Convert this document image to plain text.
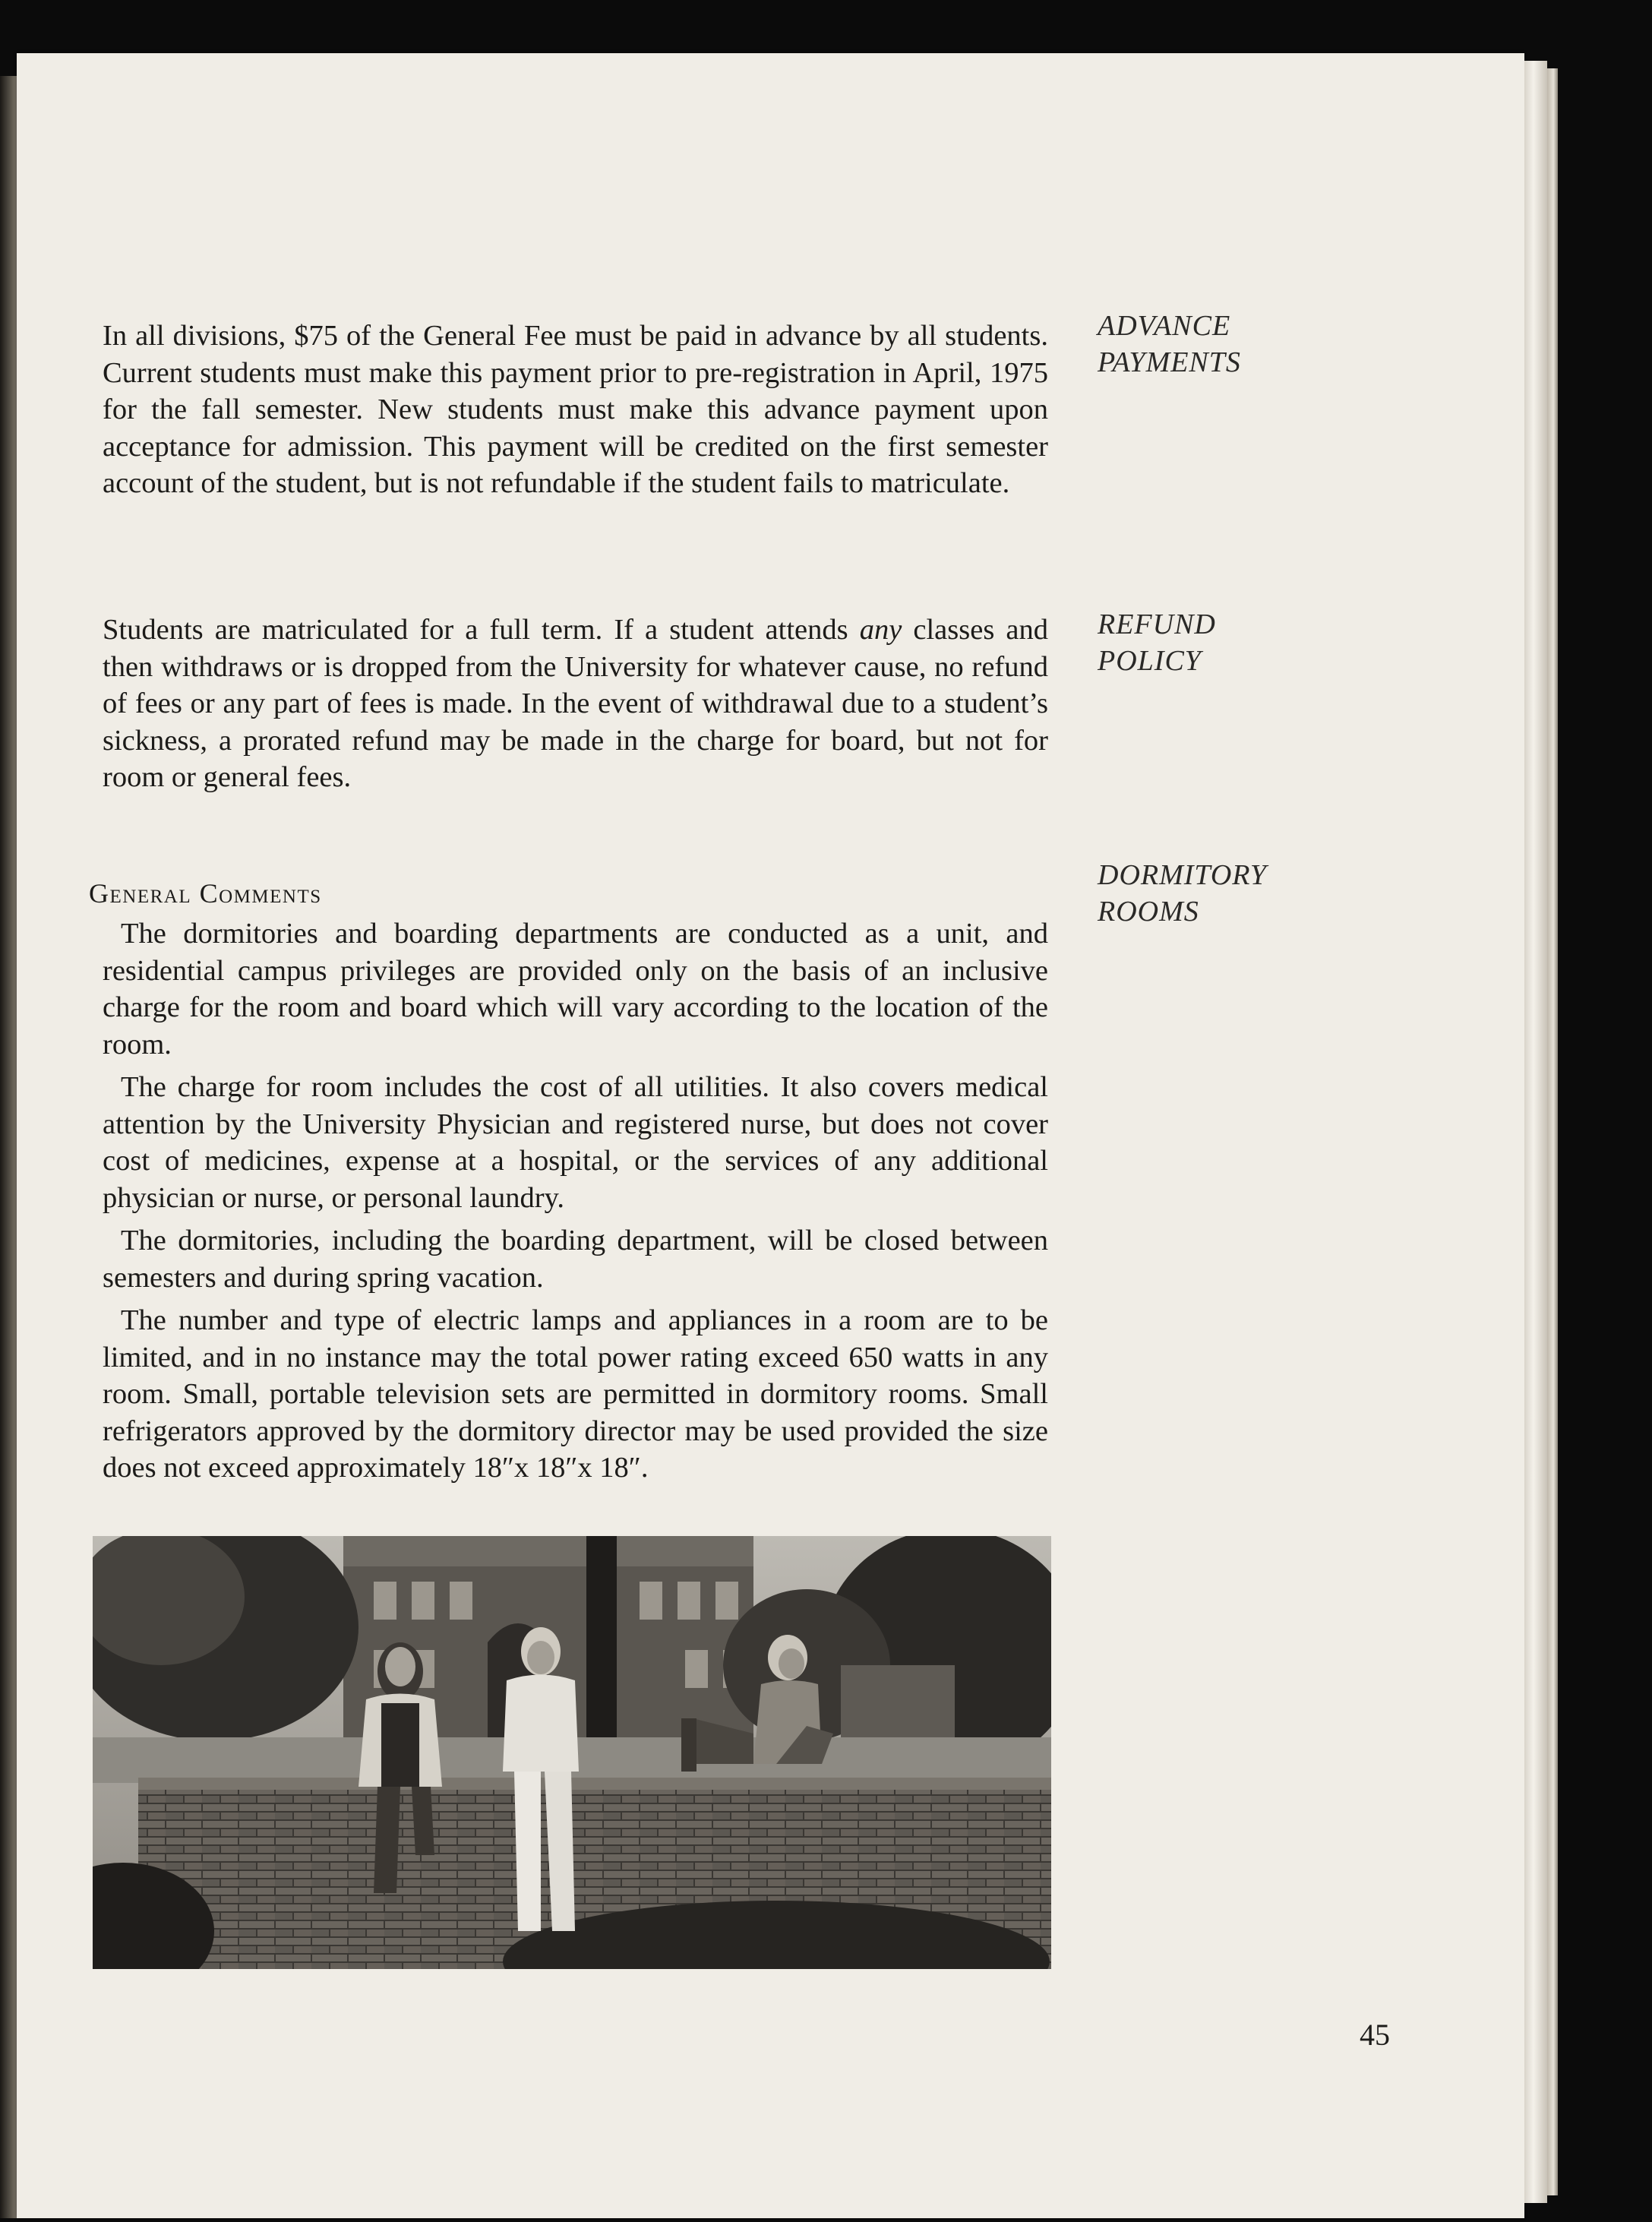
In all divisions, $75 of the General Fee must be paid in advance by all students. Current students must make this payment prior to pre-registration in April, 1975 for the fall semester. New students must make this advance payment upon acceptance for admission. This payment will be credited on the first semester account of the student, but is not refundable if the student fails to matriculate.

ADVANCE
PAYMENTS

Students are matriculated for a full term. If a student attends any classes and then withdraws or is dropped from the University for whatever cause, no refund of fees or any part of fees is made. In the event of withdrawal due to a student’s sickness, a prorated refund may be made in the charge for board, but not for room or general fees.

REFUND
POLICY
General Comments
DORMITORY
ROOMS

The dormitories and boarding departments are conducted as a unit, and residential campus privileges are provided only on the basis of an inclusive charge for the room and board which will vary according to the location of the room.

The charge for room includes the cost of all utilities. It also covers medical attention by the University Physician and registered nurse, but does not cover cost of medicines, expense at a hospital, or the services of any additional physician or nurse, or personal laundry.

The dormitories, including the boarding department, will be closed between semesters and during spring vacation.

The number and type of electric lamps and appliances in a room are to be limited, and in no instance may the total power rating exceed 650 watts in any room. Small, portable television sets are permitted in dormitory rooms. Small refrigerators approved by the dormitory director may be used provided the size does not exceed approximately 18″x 18″x 18″.

45
